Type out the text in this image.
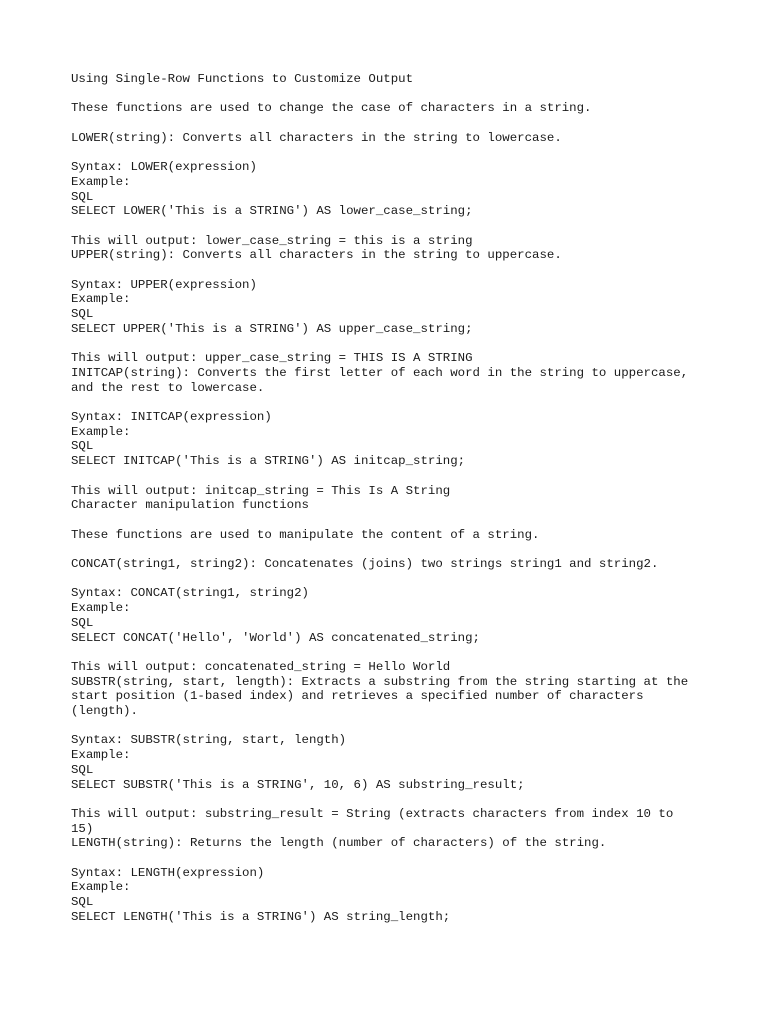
Using Single-Row Functions to Customize Output
These functions are used to change the case of characters in a string.
LOWER(string): Converts all characters in the string to lowercase.
Syntax: LOWER(expression)
Example:
SQL
SELECT LOWER('This is a STRING') AS lower_case_string;
This will output: lower_case_string = this is a string
UPPER(string): Converts all characters in the string to uppercase.
Syntax: UPPER(expression)
Example:
SQL
SELECT UPPER('This is a STRING') AS upper_case_string;
This will output: upper_case_string = THIS IS A STRING
INITCAP(string): Converts the first letter of each word in the string to uppercase,
and the rest to lowercase.
Syntax: INITCAP(expression)
Example:
SQL
SELECT INITCAP('This is a STRING') AS initcap_string;
This will output: initcap_string = This Is A String
Character manipulation functions
These functions are used to manipulate the content of a string.
CONCAT(string1, string2): Concatenates (joins) two strings string1 and string2.
Syntax: CONCAT(string1, string2)
Example:
SQL
SELECT CONCAT('Hello', 'World') AS concatenated_string;
This will output: concatenated_string = Hello World
SUBSTR(string, start, length): Extracts a substring from the string starting at the
start position (1-based index) and retrieves a specified number of characters
(length).
Syntax: SUBSTR(string, start, length)
Example:
SQL
SELECT SUBSTR('This is a STRING', 10, 6) AS substring_result;
This will output: substring_result = String (extracts characters from index 10 to
15)
LENGTH(string): Returns the length (number of characters) of the string.
Syntax: LENGTH(expression)
Example:
SQL
SELECT LENGTH('This is a STRING') AS string_length;
